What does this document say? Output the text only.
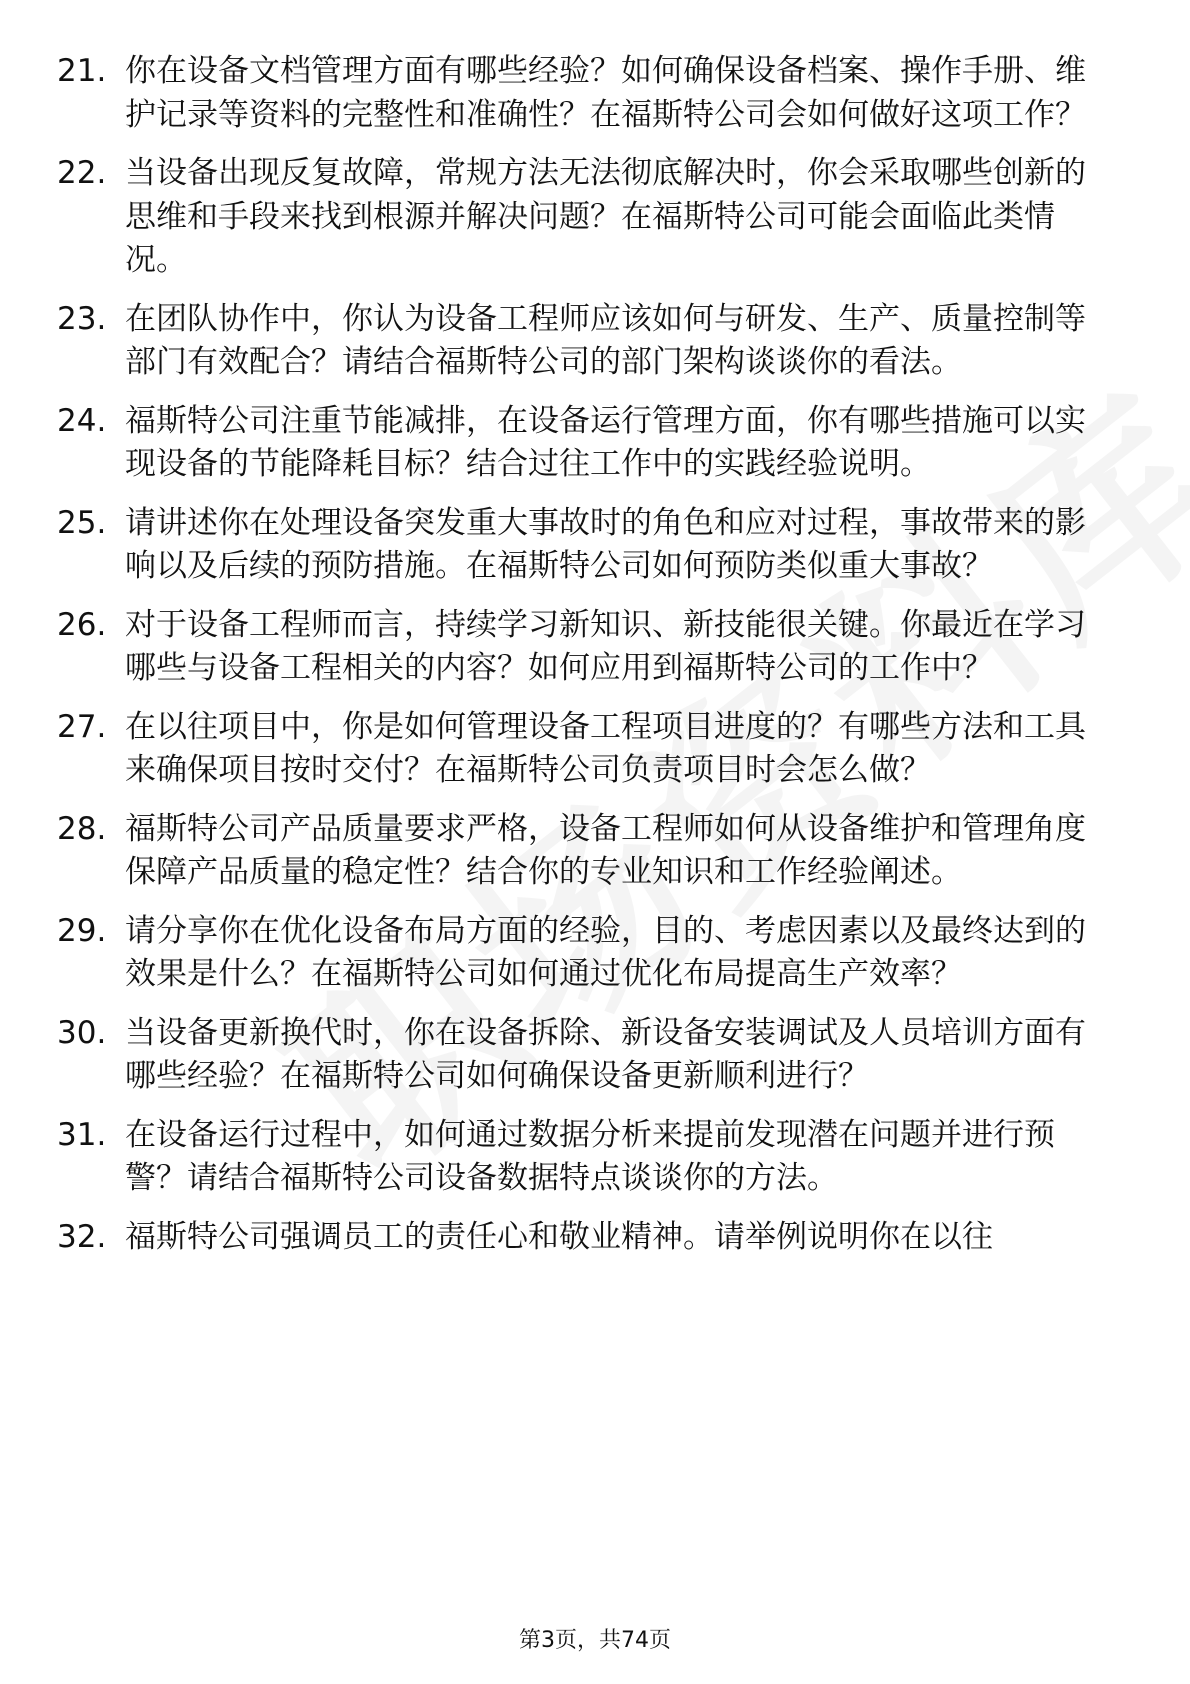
21. 你在设备文档管理方面有哪些经验？如何确保设备档案、操作手册、维护记录等资料的完整性和准确性？在福斯特公司会如何做好这项工作？
22. 当设备出现反复故障，常规方法无法彻底解决时，你会采取哪些创新的思维和手段来找到根源并解决问题？在福斯特公司可能会面临此类情况。
23. 在团队协作中，你认为设备工程师应该如何与研发、生产、质量控制等部门有效配合？请结合福斯特公司的部门架构谈谈你的看法。
24. 福斯特公司注重节能减排，在设备运行管理方面，你有哪些措施可以实现设备的节能降耗目标？结合过往工作中的实践经验说明。
25. 请讲述你在处理设备突发重大事故时的角色和应对过程，事故带来的影响以及后续的预防措施。在福斯特公司如何预防类似重大事故？
26. 对于设备工程师而言，持续学习新知识、新技能很关键。你最近在学习哪些与设备工程相关的内容？如何应用到福斯特公司的工作中？
27. 在以往项目中，你是如何管理设备工程项目进度的？有哪些方法和工具来确保项目按时交付？在福斯特公司负责项目时会怎么做？
28. 福斯特公司产品质量要求严格，设备工程师如何从设备维护和管理角度保障产品质量的稳定性？结合你的专业知识和工作经验阐述。
29. 请分享你在优化设备布局方面的经验，目的、考虑因素以及最终达到的效果是什么？在福斯特公司如何通过优化布局提高生产效率？
30. 当设备更新换代时，你在设备拆除、新设备安装调试及人员培训方面有哪些经验？在福斯特公司如何确保设备更新顺利进行？
31. 在设备运行过程中，如何通过数据分析来提前发现潜在问题并进行预警？请结合福斯特公司设备数据特点谈谈你的方法。
32. 福斯特公司强调员工的责任心和敬业精神。请举例说明你在以往
第3页，共74页
